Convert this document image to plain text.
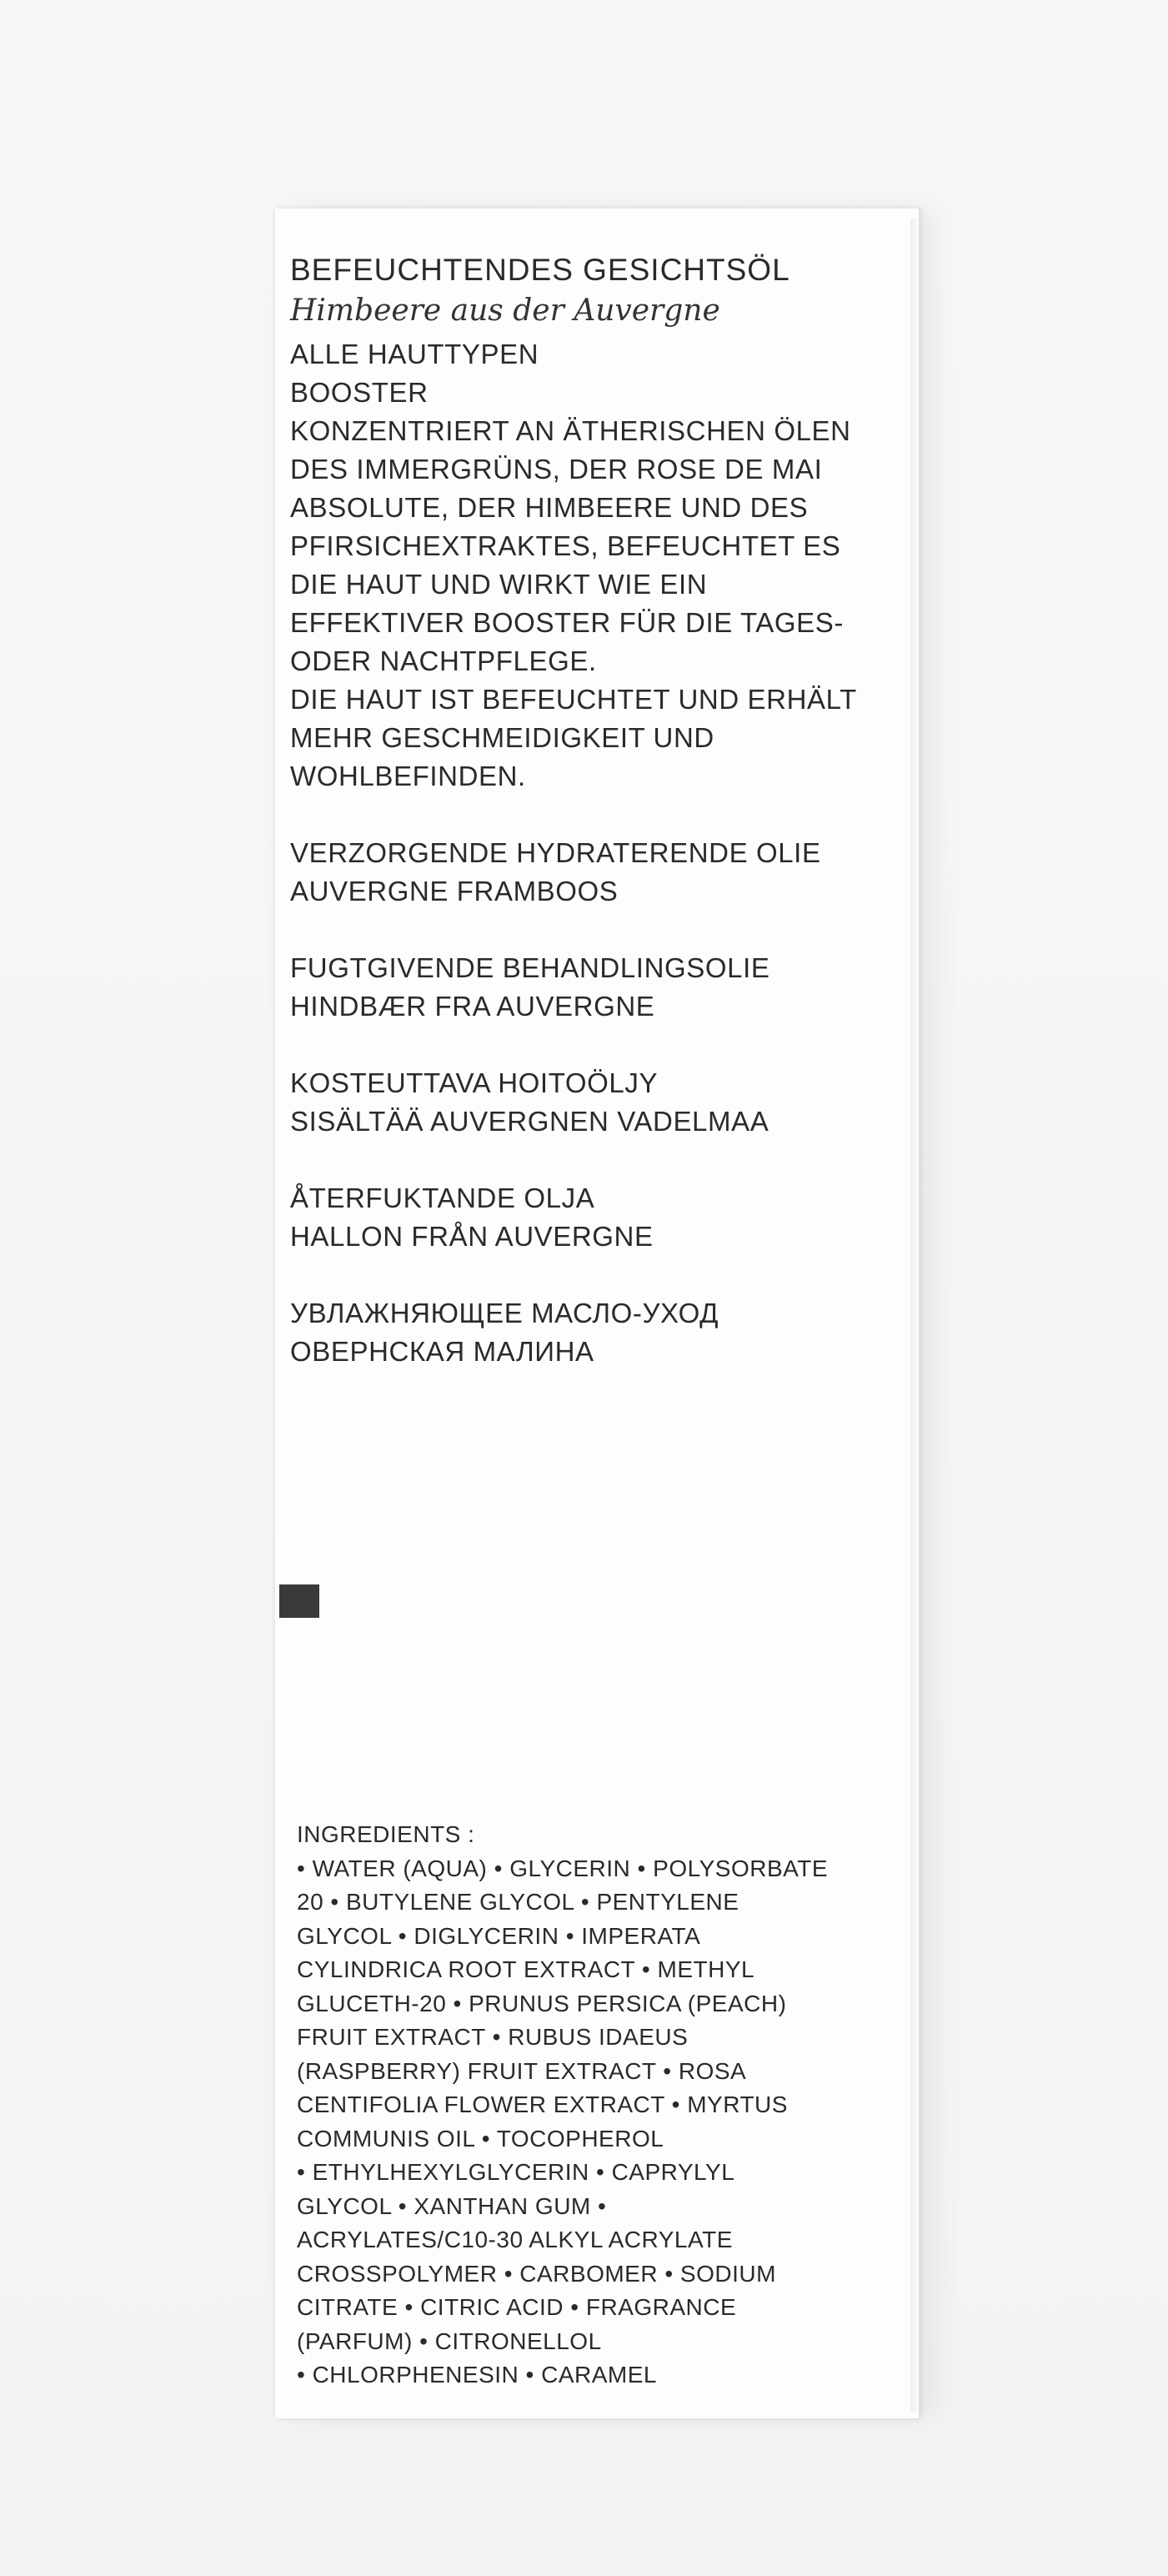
BEFEUCHTENDES GESICHTSÖL

Himbeere aus der Auvergne

ALLE HAUTTYPEN

BOOSTER

KONZENTRIERT AN ÄTHERISCHEN ÖLEN

DES IMMERGRÜNS, DER ROSE DE MAI

ABSOLUTE, DER HIMBEERE UND DES

PFIRSICHEXTRAKTES, BEFEUCHTET ES

DIE HAUT UND WIRKT WIE EIN

EFFEKTIVER BOOSTER FÜR DIE TAGES-

ODER NACHTPFLEGE.

DIE HAUT IST BEFEUCHTET UND ERHÄLT

MEHR GESCHMEIDIGKEIT UND

WOHLBEFINDEN.

VERZORGENDE HYDRATERENDE OLIE

AUVERGNE FRAMBOOS

FUGTGIVENDE BEHANDLINGSOLIE

HINDBÆR FRA AUVERGNE

KOSTEUTTAVA HOITOÖLJY

SISÄLTÄÄ AUVERGNEN VADELMAA

ÅTERFUKTANDE OLJA

HALLON FRÅN AUVERGNE

УВЛАЖНЯЮЩЕЕ МАСЛО-УХОД

ОВЕРНСКАЯ МАЛИНА

INGREDIENTS :

• WATER (AQUA) • GLYCERIN • POLYSORBATE

20 • BUTYLENE GLYCOL • PENTYLENE

GLYCOL • DIGLYCERIN • IMPERATA

CYLINDRICA ROOT EXTRACT • METHYL

GLUCETH-20 • PRUNUS PERSICA (PEACH)

FRUIT EXTRACT • RUBUS IDAEUS

(RASPBERRY) FRUIT EXTRACT • ROSA

CENTIFOLIA FLOWER EXTRACT • MYRTUS

COMMUNIS OIL • TOCOPHEROL

• ETHYLHEXYLGLYCERIN • CAPRYLYL

GLYCOL • XANTHAN GUM •

ACRYLATES/C10-30 ALKYL ACRYLATE

CROSSPOLYMER • CARBOMER • SODIUM

CITRATE • CITRIC ACID • FRAGRANCE

(PARFUM) • CITRONELLOL

• CHLORPHENESIN • CARAMEL
